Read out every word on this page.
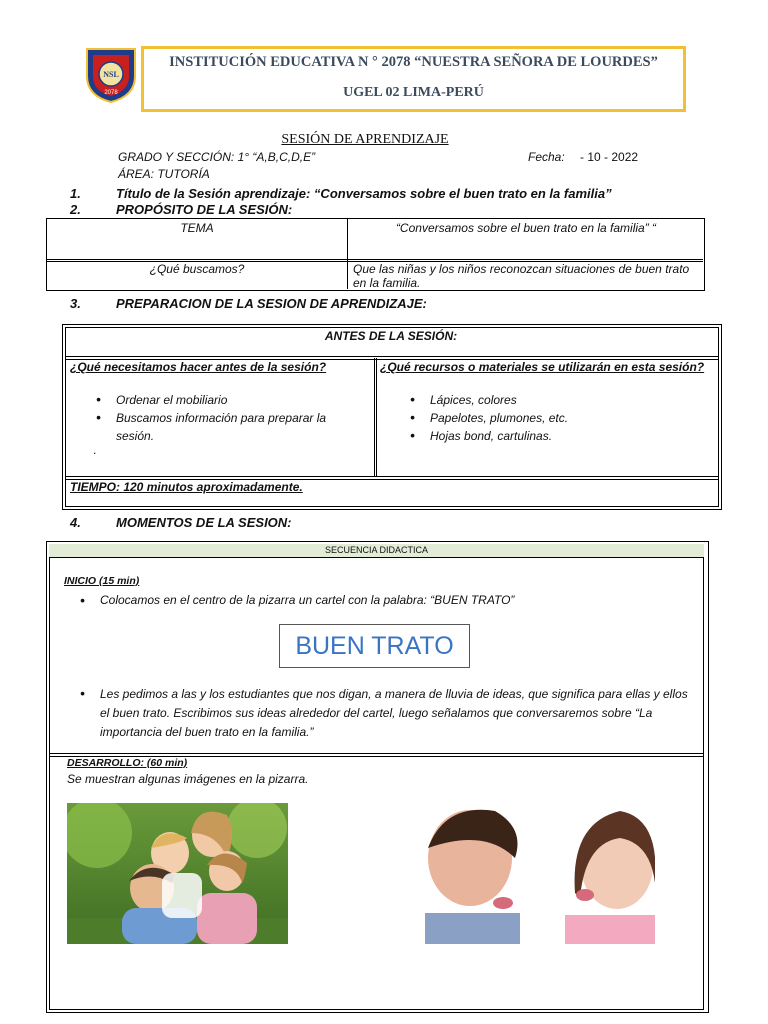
NSL
2078
INSTITUCIÓN EDUCATIVA N ° 2078 “NUESTRA SEÑORA DE LOURDES”
UGEL 02 LIMA-PERÚ
SESIÓN DE APRENDIZAJE
GRADO Y SECCIÓN: 1° “A,B,C,D,E”	Fecha: - 10 - 2022
ÁREA: TUTORÍA
1.	Título de la Sesión aprendizaje: “Conversamos sobre el buen trato en la familia”
2.	PROPÓSITO DE LA SESIÓN:
TEMA	“Conversamos sobre el buen trato en la familia” “
¿Qué buscamos?	Que las niñas y los niños reconozcan situaciones de buen trato en la familia.
3.	PREPARACION DE LA SESION DE APRENDIZAJE:
ANTES DE LA SESIÓN:
¿Qué necesitamos hacer antes de la sesión?
• Ordenar el mobiliario
• Buscamos información para preparar la sesión.
.
¿Qué recursos o materiales se utilizarán en esta sesión?
• Lápices, colores
• Papelotes, plumones, etc.
• Hojas bond, cartulinas.
TIEMPO: 120 minutos aproximadamente.
4.	MOMENTOS DE LA SESION:
SECUENCIA DIDACTICA
INICIO (15 min)
• Colocamos en el centro de la pizarra un cartel con la palabra: “BUEN TRATO”
BUEN TRATO
• Les pedimos a las y los estudiantes que nos digan, a manera de lluvia de ideas, que significa para ellas y ellos el buen trato. Escribimos sus ideas alrededor del cartel, luego señalamos que conversaremos sobre “La importancia del buen trato en la familia.”
DESARROLLO: (60 min)
Se muestran algunas imágenes en la pizarra.
